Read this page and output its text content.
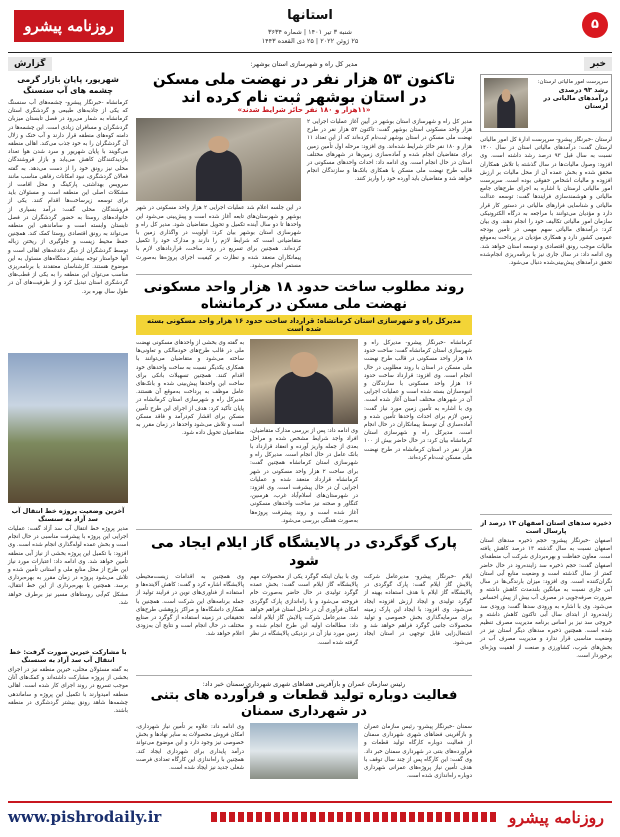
۵
استانها
شنبه ۳ تیر ۱۴۰۱ | شماره ۳۶۳۴
۲۵ ژوئن ۲۰۲۲ | ۲۵ ذی القعده ۱۴۴۳
روزنامه پیشرو
خبر
گزارش
سرپرست امور مالیاتی لرستان:
رشد ۹۳ درصدی درآمدهای مالیاتی در لرستان
لرستان -خبرنگار پیشرو- سرپرست ادارهٔ کل امور مالیاتی لرستان گفت: درآمدهای مالیاتی استان در سال ۱۴۰۰ نسبت به سال قبل ۹۳ درصد رشد داشته است. وی افزود: وصول مالیات‌ها در سال گذشته با تلاش همکاران محقق شده و بخش عمده آن از محل مالیات بر ارزش افزوده و مالیات اشخاص حقوقی بوده است. سرپرست امور مالیاتی لرستان با اشاره به اجرای طرح‌های جامع مالیاتی و هوشمندسازی فرایندها گفت: توسعه عدالت مالیاتی و شناسایی فرارهای مالیاتی در دستور کار قرار دارد و مؤدیان می‌توانند با مراجعه به درگاه الکترونیکی سازمان امور مالیاتی تکالیف خود را انجام دهند. وی بیان کرد: درآمدهای مالیاتی سهم مهمی در تأمین بودجه عمومی کشور دارد و همکاری مؤدیان در پرداخت به‌موقع مالیات موجب رونق اقتصادی و توسعه استان خواهد شد. وی ادامه داد: در سال جاری نیز با برنامه‌ریزی انجام‌شده تحقق درآمدهای پیش‌بینی‌شده دنبال می‌شود.
ذخیره سدهای استان اصفهان ۱۳ درصد از پارسال است
اصفهان -خبرنگار پیشرو- حجم ذخیره سدهای استان اصفهان نسبت به سال گذشته ۱۳ درصد کاهش یافته است. معاون حفاظت و بهره‌برداری شرکت آب منطقه‌ای اصفهان گفت: حجم ذخیره سد زاینده‌رود در حال حاضر کمتر از سال گذشته است و وضعیت منابع آبی استان نگران‌کننده است. وی افزود: میزان بارندگی‌ها در سال آبی جاری نسبت به میانگین بلندمدت کاهش داشته و ضرورت صرفه‌جویی در مصرف آب بیش از پیش احساس می‌شود. وی با اشاره به ورودی سدها گفت: ورودی سد زاینده‌رود از ابتدای سال آبی تاکنون کاهش داشته و خروجی سد نیز بر اساس برنامه مدیریت مصرف تنظیم شده است. همچنین ذخیره سدهای دیگر استان نیز در وضعیت مناسبی قرار ندارد و مدیریت مصرف آب در بخش‌های شرب، کشاورزی و صنعت از اهمیت ویژه‌ای برخوردار است.
مدیر کل راه و شهرسازی استان بوشهر:
تاکنون ۵۳ هزار نفر در نهضت ملی مسکن
در استان بوشهر ثبت نام کرده اند
«۱۱هزار و ۱۸۰ نفر حائز شرایط شدند»
مدیر کل راه و شهرسازی استان بوشهر در آیین آغاز عملیات اجرایی ۲ هزار واحد مسکونی استان بوشهر گفت: تاکنون ۵۳ هزار نفر در طرح نهضت ملی مسکن در استان بوشهر ثبت‌نام کرده‌اند که از این تعداد ۱۱ هزار و ۱۸۰ نفر حائز شرایط شده‌اند. وی افزود: مرحله اول تأمین زمین برای متقاضیان انجام شده و آماده‌سازی زمین‌ها در شهرهای مختلف استان در حال انجام است. وی ادامه داد: احداث واحدهای مسکونی در قالب طرح نهضت ملی مسکن با همکاری بانک‌ها و سازندگان انجام خواهد شد و متقاضیان باید آورده خود را واریز کنند.
در این جلسه اعلام شد عملیات اجرایی ۲ هزار واحد مسکونی در شهر بوشهر و شهرستان‌های تابعه آغاز شده است و پیش‌بینی می‌شود این واحدها تا دو سال آینده تکمیل و تحویل متقاضیان شود. مدیر کل راه و شهرسازی استان بوشهر بیان کرد: اولویت در واگذاری زمین با متقاضیانی است که شرایط لازم را دارند و مدارک خود را تکمیل کرده‌اند. همچنین برای تسریع در روند ساخت، قراردادهای لازم با پیمانکاران منعقد شده و نظارت بر کیفیت اجرای پروژه‌ها به‌صورت مستمر انجام می‌شود.
روند مطلوب ساخت حدود ۱۸ هزار واحد مسکونی
نهضت ملی مسکن در کرمانشاه
مدیرکل راه و شهرسازی استان کرمانشاه: قرارداد ساخت حدود ۱۶ هزار واحد مسکونی بسته شده است
کرمانشاه -خبرنگار پیشرو- مدیرکل راه و شهرسازی استان کرمانشاه گفت: ساخت حدود ۱۸ هزار واحد مسکونی در قالب طرح نهضت ملی مسکن در استان با روند مطلوبی در حال انجام است. وی افزود: قرارداد ساخت حدود ۱۶ هزار واحد مسکونی با سازندگان و انبوه‌سازان بسته شده است و عملیات اجرایی آن در شهرهای مختلف استان آغاز شده است. وی با اشاره به تأمین زمین مورد نیاز گفت: زمین لازم برای احداث واحدها تأمین شده و آماده‌سازی آن توسط پیمانکاران در حال انجام است. مدیرکل راه و شهرسازی استان کرمانشاه بیان کرد: در حال حاضر بیش از ۱۰۰ هزار نفر در استان کرمانشاه در طرح نهضت ملی مسکن ثبت‌نام کرده‌اند.
وی ادامه داد: پس از بررسی مدارک متقاضیان، افراد واجد شرایط مشخص شده و مراحل بعدی از جمله واریز آورده و انعقاد قرارداد با بانک عامل در حال انجام است. مدیرکل راه و شهرسازی استان کرمانشاه همچنین گفت: برای ساخت ۲ هزار واحد مسکونی در شهر کرمانشاه قرارداد منعقد شده و عملیات اجرایی آن در حال پیشرفت است. وی افزود: در شهرستان‌های اسلام‌آباد غرب، هرسین، کنگاور و صحنه نیز ساخت واحدهای مسکونی آغاز شده است و روند پیشرفت پروژه‌ها به‌صورت هفتگی بررسی می‌شود.
به گفته وی بخشی از واحدهای مسکونی نهضت ملی در قالب طرح‌های خودمالکی و تعاونی‌ها ساخته می‌شود و متقاضیان می‌توانند با همکاری یکدیگر نسبت به ساخت واحدهای خود اقدام کنند. همچنین تسهیلات بانکی برای ساخت این واحدها پیش‌بینی شده و بانک‌های عامل موظف به پرداخت به‌موقع آن هستند. مدیرکل راه و شهرسازی استان کرمانشاه در پایان تأکید کرد: هدف از اجرای این طرح تأمین مسکن برای اقشار کم‌درآمد و فاقد مسکن است و تلاش می‌شود واحدها در زمان مقرر به متقاضیان تحویل داده شود.
پارک گوگردی در پالایشگاه گاز ایلام ایجاد می شود
ایلام -خبرنگار پیشرو- مدیرعامل شرکت پالایش گاز ایلام گفت: پارک گوگردی در پالایشگاه گاز ایلام با هدف استفاده بهینه از گوگرد تولیدی و ایجاد ارزش افزوده ایجاد می‌شود. وی افزود: با ایجاد این پارک زمینه برای سرمایه‌گذاری بخش خصوصی و تولید محصولات جانبی گوگرد فراهم خواهد شد و اشتغال‌زایی قابل توجهی در استان ایجاد می‌شود.
وی با بیان اینکه گوگرد یکی از محصولات مهم پالایشگاه گاز ایلام است گفت: بخش عمده گوگرد تولیدی در حال حاضر به‌صورت خام فروخته می‌شود و با راه‌اندازی پارک گوگردی امکان فرآوری آن در داخل استان فراهم خواهد شد. مدیرعامل شرکت پالایش گاز ایلام ادامه داد: مطالعات اولیه این طرح انجام شده و زمین مورد نیاز آن در نزدیکی پالایشگاه در نظر گرفته شده است.
وی همچنین به اقدامات زیست‌محیطی پالایشگاه اشاره کرد و گفت: کاهش آلاینده‌ها و استفاده از فناوری‌های نوین در فرایند تولید از جمله برنامه‌های این شرکت است. همچنین با همکاری دانشگاه‌ها و مراکز پژوهشی طرح‌های تحقیقاتی در زمینه استفاده از گوگرد در صنایع مختلف در حال انجام است و نتایج آن به‌زودی اعلام خواهد شد.
رئیس سازمان عمران و بازآفرینی فضاهای شهری شهرداری سمنان خبر داد:
فعالیت دوباره تولید قطعات و فرآورده های بتنی
در شهرداری سمنان
سمنان -خبرنگار پیشرو- رئیس سازمان عمران و بازآفرینی فضاهای شهری شهرداری سمنان از فعالیت دوباره کارگاه تولید قطعات و فرآورده‌های بتنی در شهرداری سمنان خبر داد. وی گفت: این کارگاه پس از چند سال توقف با هدف تأمین نیاز پروژه‌های عمرانی شهرداری دوباره راه‌اندازی شده است.
وی ادامه داد: علاوه بر تأمین نیاز شهرداری، امکان فروش محصولات به سایر نهادها و بخش خصوصی نیز وجود دارد و این موضوع می‌تواند درآمد پایداری برای شهرداری ایجاد کند. همچنین با راه‌اندازی این کارگاه تعدادی فرصت شغلی جدید نیز ایجاد شده است.
شهریور، پایان بازار گرمی چشمه های آب سنسنگ
کرمانشاه -خبرنگار پیشرو- چشمه‌های آب سنسنگ که یکی از جاذبه‌های طبیعی و گردشگری استان کرمانشاه به شمار می‌رود در فصل تابستان میزبان گردشگران و مسافران زیادی است. این چشمه‌ها در دامنه کوه‌های منطقه قرار دارند و آب خنک و زلال آن گردشگران را به خود جذب می‌کند. اهالی منطقه می‌گویند با پایان شهریور و سرد شدن هوا تعداد بازدیدکنندگان کاهش می‌یابد و بازار فروشندگان محلی نیز رونق خود را از دست می‌دهد. به گفته فعالان گردشگری، نبود امکانات رفاهی مناسب مانند سرویس بهداشتی، پارکینگ و محل اقامت از مشکلات اصلی این منطقه است و مسئولان باید برای توسعه زیرساخت‌ها اقدام کنند. یکی از فروشندگان محلی گفت: درآمد بسیاری از خانواده‌های روستا به حضور گردشگران در فصل تابستان وابسته است و ساماندهی این منطقه می‌تواند به رونق اقتصادی روستا کمک کند. همچنین حفظ محیط زیست و جلوگیری از ریختن زباله توسط گردشگران از دیگر دغدغه‌های اهالی است و آنها خواستار توجه بیشتر دستگاه‌های مسئول به این موضوع هستند. کارشناسان معتقدند با برنامه‌ریزی مناسب می‌توان این منطقه را به یکی از قطب‌های گردشگری استان تبدیل کرد و از ظرفیت‌های آن در طول سال بهره برد.
آخرین وضعیت پروژه خط انتقال آب سد آزاد به سنسنگ
مدیر پروژه خط انتقال آب سد آزاد گفت: عملیات اجرایی این پروژه با پیشرفت مناسبی در حال انجام است و بخش عمده لوله‌گذاری انجام شده است. وی افزود: با تکمیل این پروژه بخشی از نیاز آبی منطقه تأمین خواهد شد. وی ادامه داد: اعتبارات مورد نیاز این طرح از محل منابع ملی و استانی تأمین شده و تلاش می‌شود پروژه در زمان مقرر به بهره‌برداری برسد. همچنین با بهره‌برداری از این خط انتقال، مشکل کم‌آبی روستاهای مسیر نیز برطرف خواهد شد.
با مشارکت خیرین صورت گرفت: خط انتقال آب سد آزاد به سنسنگ
به گفته مسئولان محلی، خیرین منطقه نیز در اجرای بخشی از پروژه مشارکت داشته‌اند و کمک‌های آنان موجب تسریع در روند اجرای کار شده است. اهالی منطقه امیدوارند با تکمیل این پروژه و ساماندهی چشمه‌ها شاهد رونق بیشتر گردشگری در منطقه باشند.
روزنامه پیشرو
www.pishrodaily.ir
